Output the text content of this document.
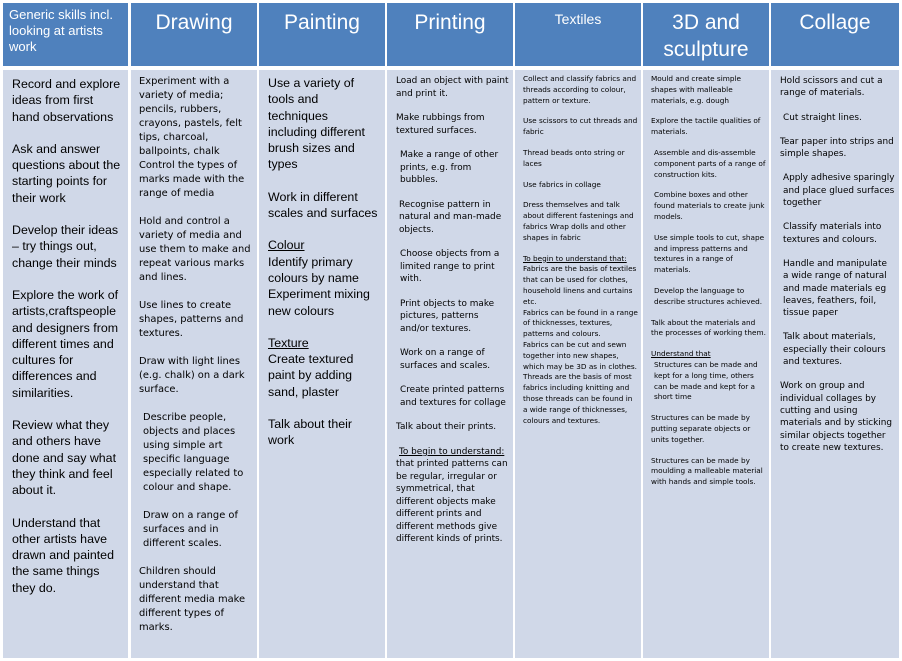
Generic skills incl. looking at artists work

Record and explore ideas from first hand observations

Ask and answer questions about the starting points for their work

Develop their ideas – try things out, change their minds

Explore the work of artists,craftspeople and designers from different times and cultures for differences and similarities.

Review what they and others have done and say what they think and feel about it.

Understand that other artists have drawn and painted the same things they do.

Drawing

Experiment with a variety of media; pencils, rubbers, crayons, pastels, felt tips, charcoal, ballpoints, chalk Control the types of marks made with the range of media

Hold and control a variety of media and use them to make and repeat various marks and lines.

Use lines to create shapes, patterns and textures.

Draw with light lines (e.g. chalk) on a dark surface.

Describe people, objects and places using simple art specific language especially related to colour and shape.

Draw on a range of surfaces and in different scales.

Children should understand that different media make different types of marks.

Painting

Use a variety of tools and techniques including different brush sizes and types

Work in different scales and surfaces

Colour

Identify primary colours by name Experiment mixing new colours

Texture

Create textured paint by adding sand, plaster

Talk about their work

Printing

Load an object with paint and print it.

Make rubbings from textured surfaces.

Make a range of other prints, e.g. from bubbles.

Recognise pattern in natural and man-made objects.

Choose objects from a limited range to print with.

Print objects to make pictures, patterns and/or textures.

Work on a range of surfaces and scales.

Create printed patterns and textures for collage

Talk about their prints.

To begin to understand:

that printed patterns can be regular, irregular or symmetrical, that different objects make different prints and different methods give different kinds of prints.

Textiles

Collect and classify fabrics and threads according to colour, pattern or texture.

Use scissors to cut threads and fabric

Thread beads onto string or laces

Use fabrics in collage

Dress themselves and talk about different fastenings and fabrics Wrap dolls and other shapes in fabric

To begin to understand that:

Fabrics are the basis of textiles that can be used for clothes, household linens and curtains etc.

Fabrics can be found in a range of thicknesses, textures, patterns and colours.

Fabrics can be cut and sewn together into new shapes, which may be 3D as in clothes.

Threads are the basis of most fabrics including knitting and those threads can be found in a wide range of thicknesses, colours and textures.

3D and sculpture

Mould and create simple shapes with malleable materials, e.g. dough

Explore the tactile qualities of materials.

Assemble and dis-assemble component parts of a range of construction kits.

Combine boxes and other found materials to create junk models.

Use simple tools to cut, shape and impress patterns and textures in a range of materials.

Develop the language to describe structures achieved.

Talk about the materials and the processes of working them.

Understand that

Structures can be made and kept for a long time, others can be made and kept for a short time

Structures can be made by putting separate objects or units together.

Structures can be made by moulding a malleable material with hands and simple tools.

Collage

Hold scissors and cut a range of materials.

Cut straight lines.

Tear paper into strips and simple shapes.

Apply adhesive sparingly and place glued surfaces together

Classify materials into textures and colours.

Handle and manipulate a wide range of natural and made materials eg leaves, feathers, foil, tissue paper

Talk about materials, especially their colours and textures.

Work on group and individual collages by cutting and using materials and by sticking similar objects together to create new textures.
